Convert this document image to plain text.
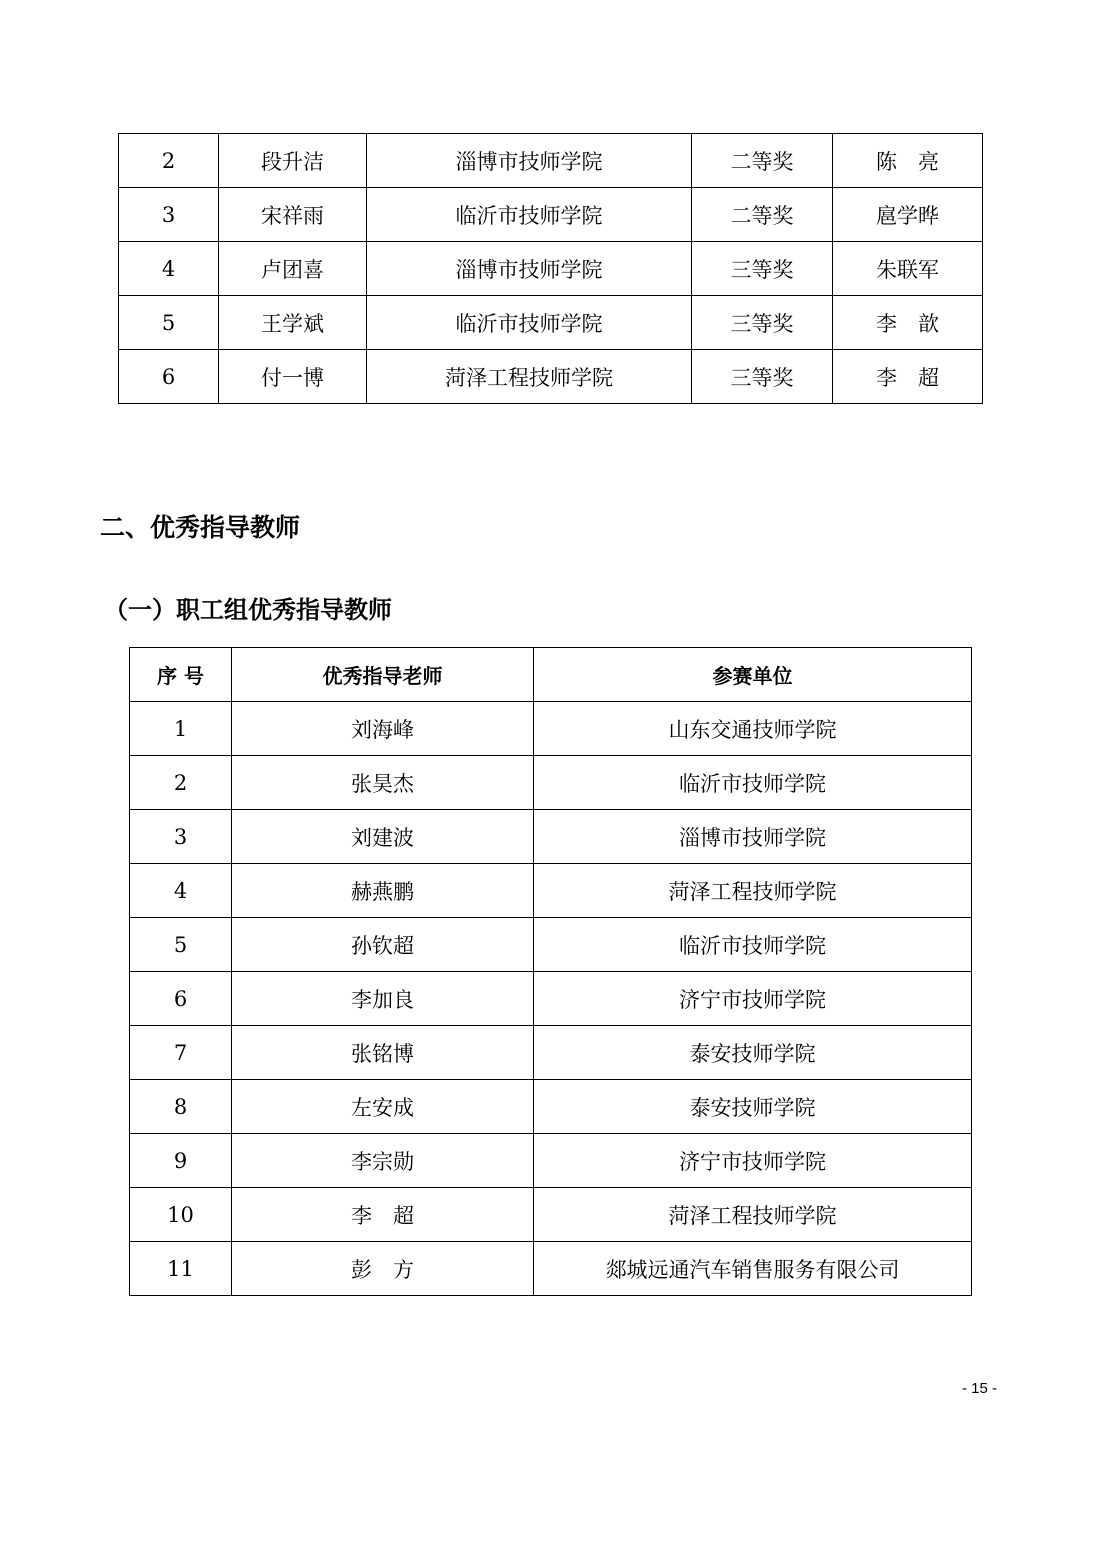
2	段升洁	淄博市技师学院	二等奖	陈　亮
3	宋祥雨	临沂市技师学院	二等奖	扈学晔
4	卢团喜	淄博市技师学院	三等奖	朱联军
5	王学斌	临沂市技师学院	三等奖	李　歆
6	付一博	菏泽工程技师学院	三等奖	李　超
二、优秀指导教师
（一）职工组优秀指导教师
序 号	优秀指导老师	参赛单位
1	刘海峰	山东交通技师学院
2	张昊杰	临沂市技师学院
3	刘建波	淄博市技师学院
4	赫燕鹏	菏泽工程技师学院
5	孙钦超	临沂市技师学院
6	李加良	济宁市技师学院
7	张铭博	泰安技师学院
8	左安成	泰安技师学院
9	李宗勋	济宁市技师学院
10	李　超	菏泽工程技师学院
11	彭　方	郯城远通汽车销售服务有限公司
- 15 -
